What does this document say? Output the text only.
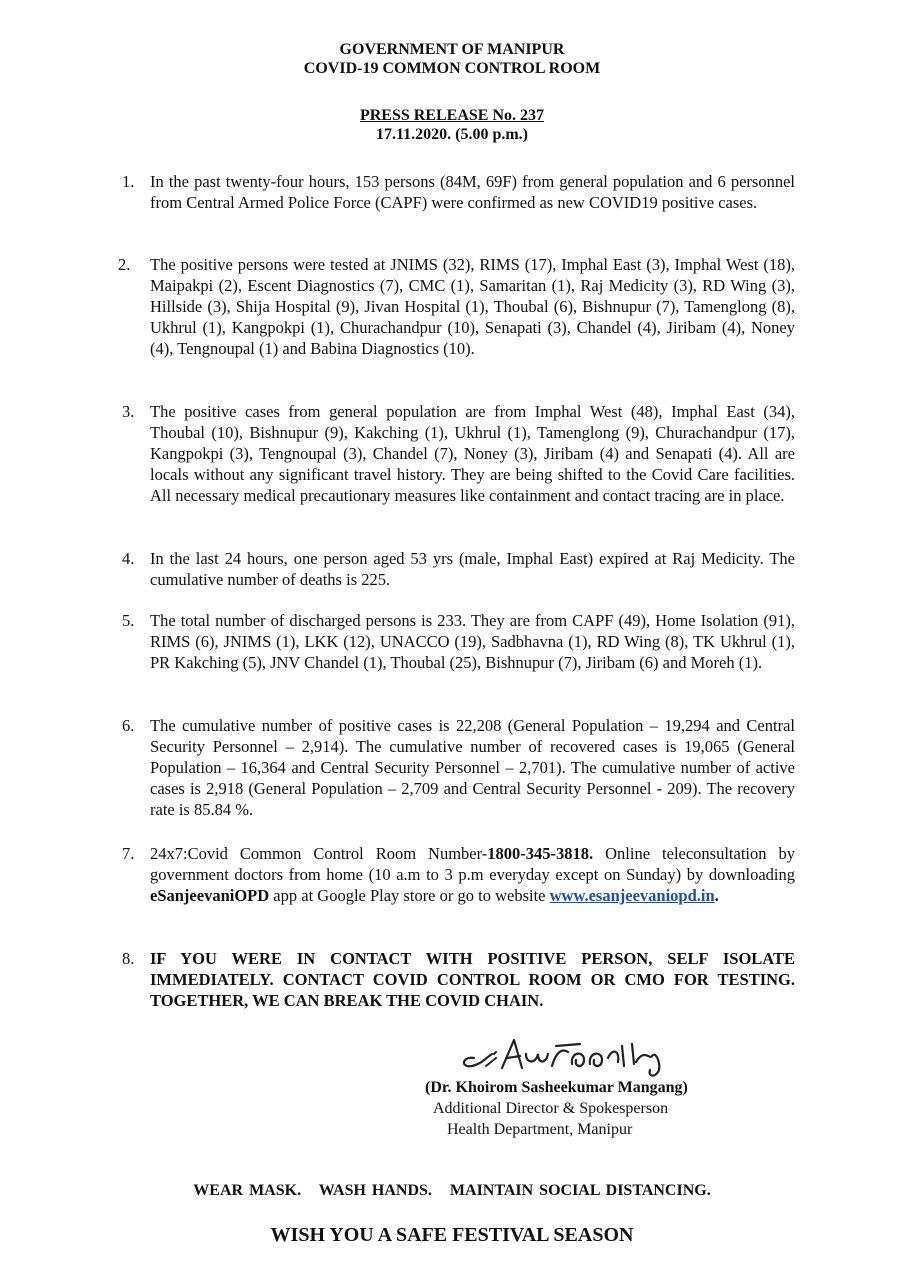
GOVERNMENT OF MANIPUR
COVID-19 COMMON CONTROL ROOM
PRESS RELEASE No. 237
17.11.2020. (5.00 p.m.)
1. In the past twenty-four hours, 153 persons (84M, 69F) from general population and 6 personnel from Central Armed Police Force (CAPF) were confirmed as new COVID19 positive cases.
2. The positive persons were tested at JNIMS (32), RIMS (17), Imphal East (3), Imphal West (18), Maipakpi (2), Escent Diagnostics (7), CMC (1), Samaritan (1), Raj Medicity (3), RD Wing (3), Hillside (3), Shija Hospital (9), Jivan Hospital (1), Thoubal (6), Bishnupur (7), Tamenglong (8), Ukhrul (1), Kangpokpi (1), Churachandpur (10), Senapati (3), Chandel (4), Jiribam (4), Noney (4), Tengnoupal (1) and Babina Diagnostics (10).
3. The positive cases from general population are from Imphal West (48), Imphal East (34), Thoubal (10), Bishnupur (9), Kakching (1), Ukhrul (1), Tamenglong (9), Churachandpur (17), Kangpokpi (3), Tengnoupal (3), Chandel (7), Noney (3), Jiribam (4) and Senapati (4). All are locals without any significant travel history. They are being shifted to the Covid Care facilities. All necessary medical precautionary measures like containment and contact tracing are in place.
4. In the last 24 hours, one person aged 53 yrs (male, Imphal East) expired at Raj Medicity. The cumulative number of deaths is 225.
5. The total number of discharged persons is 233. They are from CAPF (49), Home Isolation (91), RIMS (6), JNIMS (1), LKK (12), UNACCO (19), Sadbhavna (1), RD Wing (8), TK Ukhrul (1), PR Kakching (5), JNV Chandel (1), Thoubal (25), Bishnupur (7), Jiribam (6) and Moreh (1).
6. The cumulative number of positive cases is 22,208 (General Population – 19,294 and Central Security Personnel – 2,914). The cumulative number of recovered cases is 19,065 (General Population – 16,364 and Central Security Personnel – 2,701). The cumulative number of active cases is 2,918 (General Population – 2,709 and Central Security Personnel - 209). The recovery rate is 85.84 %.
7. 24x7:Covid Common Control Room Number-1800-345-3818. Online teleconsultation by government doctors from home (10 a.m to 3 p.m everyday except on Sunday) by downloading eSanjeevaniOPD app at Google Play store or go to website www.esanjeevaniopd.in.
8. IF YOU WERE IN CONTACT WITH POSITIVE PERSON, SELF ISOLATE IMMEDIATELY. CONTACT COVID CONTROL ROOM OR CMO FOR TESTING. TOGETHER, WE CAN BREAK THE COVID CHAIN.
(Dr. Khoirom Sasheekumar Mangang)
Additional Director & Spokesperson
Health Department, Manipur
WEAR MASK.   WASH HANDS.   MAINTAIN SOCIAL DISTANCING.
WISH YOU A SAFE FESTIVAL SEASON
